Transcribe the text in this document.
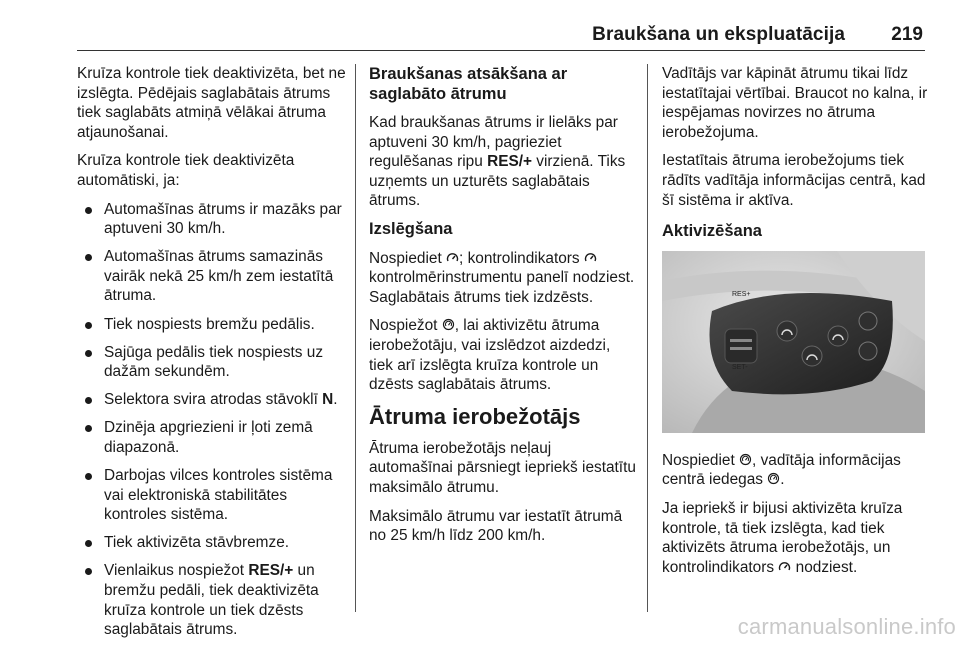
Braukšana un ekspluatācija 219

Kruīza kontrole tiek deaktivizēta, bet ne izslēgta. Pēdējais saglabātais ātrums tiek saglabāts atmiņā vēlākai ātruma atjaunošanai.

Kruīza kontrole tiek deaktivizēta automātiski, ja:

Automašīnas ātrums ir mazāks par aptuveni 30 km/h.
Automašīnas ātrums samazinās vairāk nekā 25 km/h zem iestatītā ātruma.
Tiek nospiests bremžu pedālis.
Sajūga pedālis tiek nospiests uz dažām sekundēm.
Selektora svira atrodas stāvoklī N.
Dzinēja apgriezieni ir ļoti zemā diapazonā.
Darbojas vilces kontroles sistēma vai elektroniskā stabilitātes kontroles sistēma.
Tiek aktivizēta stāvbremze.
Vienlaikus nospiežot RES/+ un bremžu pedāli, tiek deaktivizēta kruīza kontrole un tiek dzēsts saglabātais ātrums.

Braukšanas atsākšana ar saglabāto ātrumu

Kad braukšanas ātrums ir lielāks par aptuveni 30 km/h, pagrieziet regulēšanas ripu RES/+ virzienā. Tiks uzņemts un uzturēts saglabātais ātrums.

Izslēgšana

Nospiediet ; kontrolindikators  kontrolmērinstrumentu panelī nodziest. Saglabātais ātrums tiek izdzēsts.

Nospiežot , lai aktivizētu ātruma ierobežotāju, vai izslēdzot aizdedzi, tiek arī izslēgta kruīza kontrole un dzēsts saglabātais ātrums.

Ātruma ierobežotājs

Ātruma ierobežotājs neļauj automašīnai pārsniegt iepriekš iestatītu maksimālo ātrumu.

Maksimālo ātrumu var iestatīt ātrumā no 25 km/h līdz 200 km/h.

Vadītājs var kāpināt ātrumu tikai līdz iestatītajai vērtībai. Braucot no kalna, ir iespējamas novirzes no ātruma ierobežojuma.

Iestatītais ātruma ierobežojums tiek rādīts vadītāja informācijas centrā, kad šī sistēma ir aktīva.

Aktivizēšana

RES+
SET-

Nospiediet , vadītāja informācijas centrā iedegas .

Ja iepriekš ir bijusi aktivizēta kruīza kontrole, tā tiek izslēgta, kad tiek aktivizēts ātruma ierobežotājs, un kontrolindikators  nodziest.

carmanualsonline.info
